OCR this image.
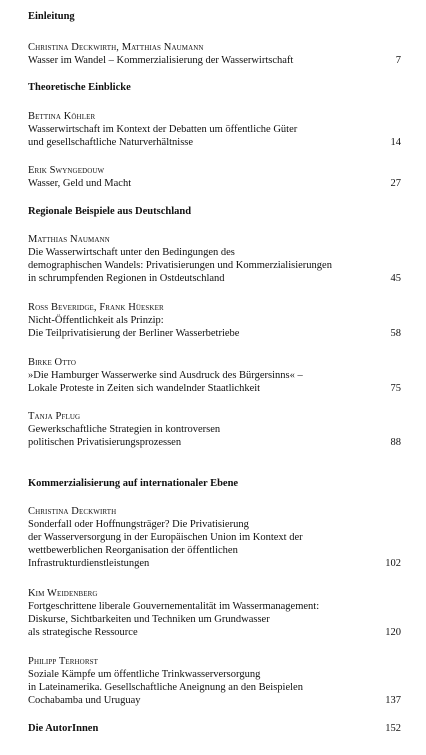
Einleitung
Christina Deckwirth, Matthias Naumann
Wasser im Wandel – Kommerzialisierung der Wasserwirtschaft	7
Theoretische Einblicke
Bettina Köhler
Wasserwirtschaft im Kontext der Debatten um öffentliche Güter
und gesellschaftliche Naturverhältnisse	14
Erik Swyngedouw
Wasser, Geld und Macht	27
Regionale Beispiele aus Deutschland
Matthias Naumann
Die Wasserwirtschaft unter den Bedingungen des
demographischen Wandels: Privatisierungen und Kommerzialisierungen
in schrumpfenden Regionen in Ostdeutschland	45
Ross Beveridge, Frank Hüesker
Nicht-Öffentlichkeit als Prinzip:
Die Teilprivatisierung der Berliner Wasserbetriebe	58
Birke Otto
»Die Hamburger Wasserwerke sind Ausdruck des Bürgersinns« –
Lokale Proteste in Zeiten sich wandelnder Staatlichkeit	75
Tanja Pflug
Gewerkschaftliche Strategien in kontroversen
politischen Privatisierungsprozessen	88
Kommerzialisierung auf internationaler Ebene
Christina Deckwirth
Sonderfall oder Hoffnungsträger? Die Privatisierung
der Wasserversorgung in der Europäischen Union im Kontext der
wettbewerblichen Reorganisation der öffentlichen
Infrastrukturdienstleistungen	102
Kim Weidenberg
Fortgeschrittene liberale Gouvernementalität im Wassermanagement:
Diskurse, Sichtbarkeiten und Techniken um Grundwasser
als strategische Ressource	120
Philipp Terhorst
Soziale Kämpfe um öffentliche Trinkwasserversorgung
in Lateinamerika. Gesellschaftliche Aneignung an den Beispielen
Cochabamba und Uruguay	137
Die AutorInnen	152
